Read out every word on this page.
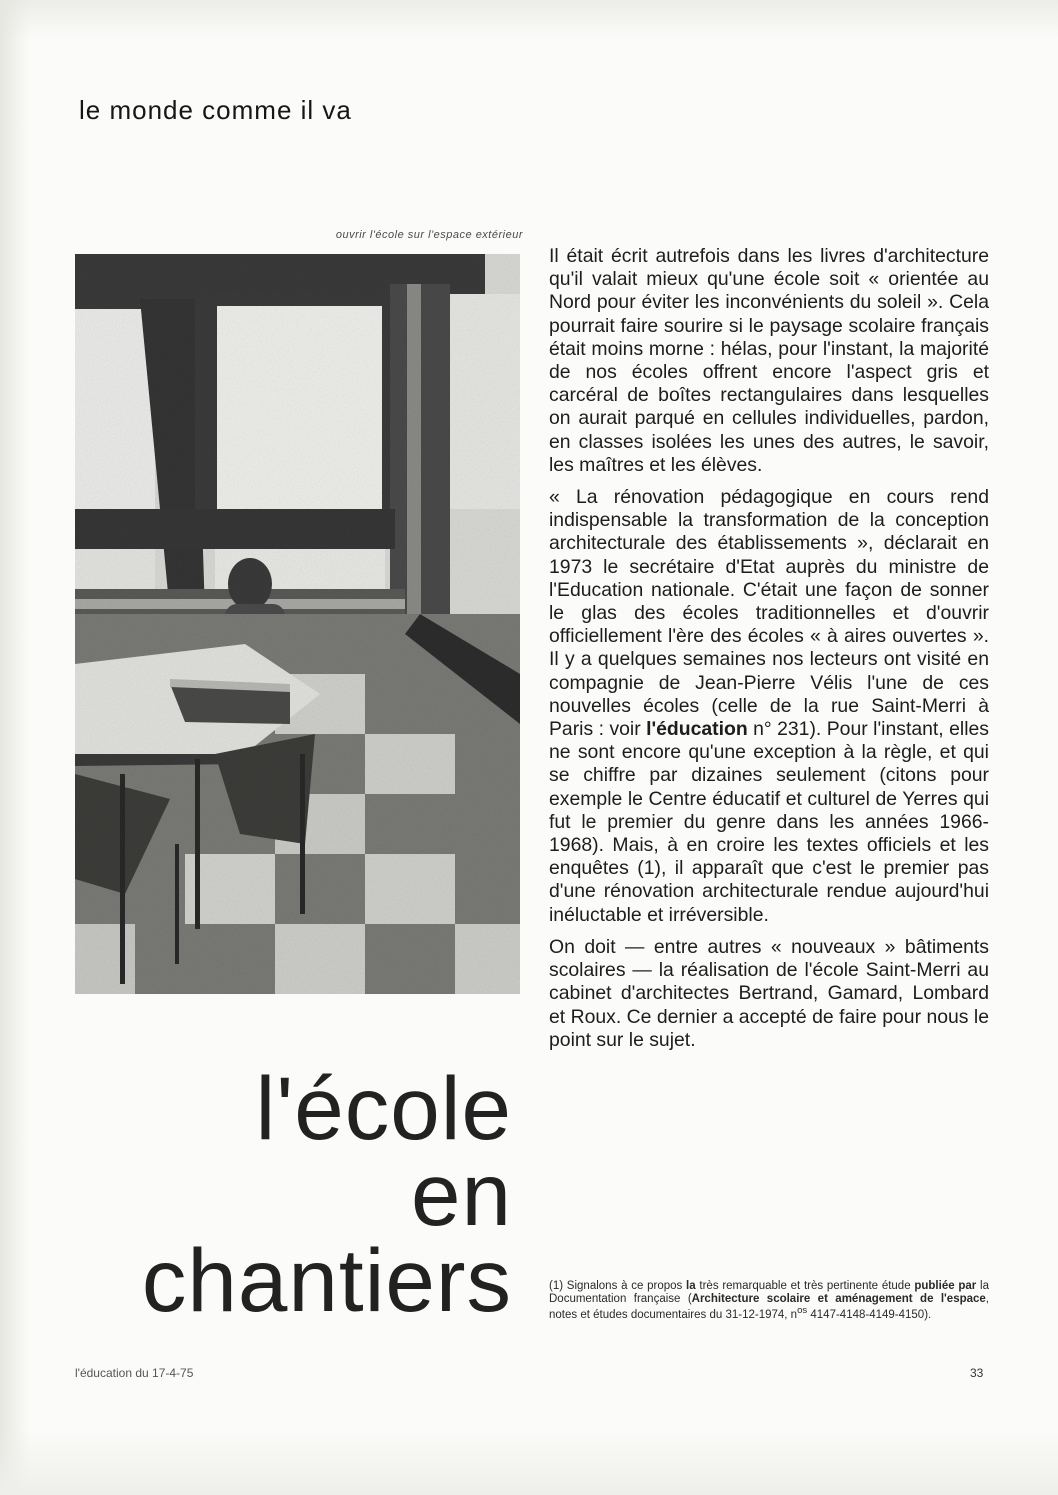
le monde comme il va
ouvrir l'école sur l'espace extérieur
l'école
en
chantiers

Il était écrit autrefois dans les livres d'architecture qu'il valait mieux qu'une école soit « orientée au Nord pour éviter les inconvénients du soleil ». Cela pourrait faire sourire si le paysage scolaire français était moins morne : hélas, pour l'instant, la majorité de nos écoles offrent encore l'aspect gris et carcéral de boîtes rectangulaires dans lesquelles on aurait parqué en cellules individuelles, pardon, en classes isolées les unes des autres, le savoir, les maîtres et les élèves.

« La rénovation pédagogique en cours rend indispensable la transformation de la conception architecturale des établissements », déclarait en 1973 le secrétaire d'Etat auprès du ministre de l'Education nationale. C'était une façon de sonner le glas des écoles traditionnelles et d'ouvrir officiellement l'ère des écoles « à aires ouvertes ». Il y a quelques semaines nos lecteurs ont visité en compagnie de Jean-Pierre Vélis l'une de ces nouvelles écoles (celle de la rue Saint-Merri à Paris : voir l'éducation n° 231). Pour l'instant, elles ne sont encore qu'une exception à la règle, et qui se chiffre par dizaines seulement (citons pour exemple le Centre éducatif et culturel de Yerres qui fut le premier du genre dans les années 1966-1968). Mais, à en croire les textes officiels et les enquêtes (1), il apparaît que c'est le premier pas d'une rénovation architecturale rendue aujourd'hui inéluctable et irréversible.

On doit — entre autres « nouveaux » bâtiments scolaires — la réalisation de l'école Saint-Merri au cabinet d'architectes Bertrand, Gamard, Lombard et Roux. Ce dernier a accepté de faire pour nous le point sur le sujet.

(1) Signalons à ce propos la très remarquable et très pertinente étude publiée par la Documentation française (Architecture scolaire et aménagement de l'espace, notes et études documentaires du 31-12-1974, $n^{os}$ 4147-4148-4149-4150).
l'éducation du 17-4-75	33
